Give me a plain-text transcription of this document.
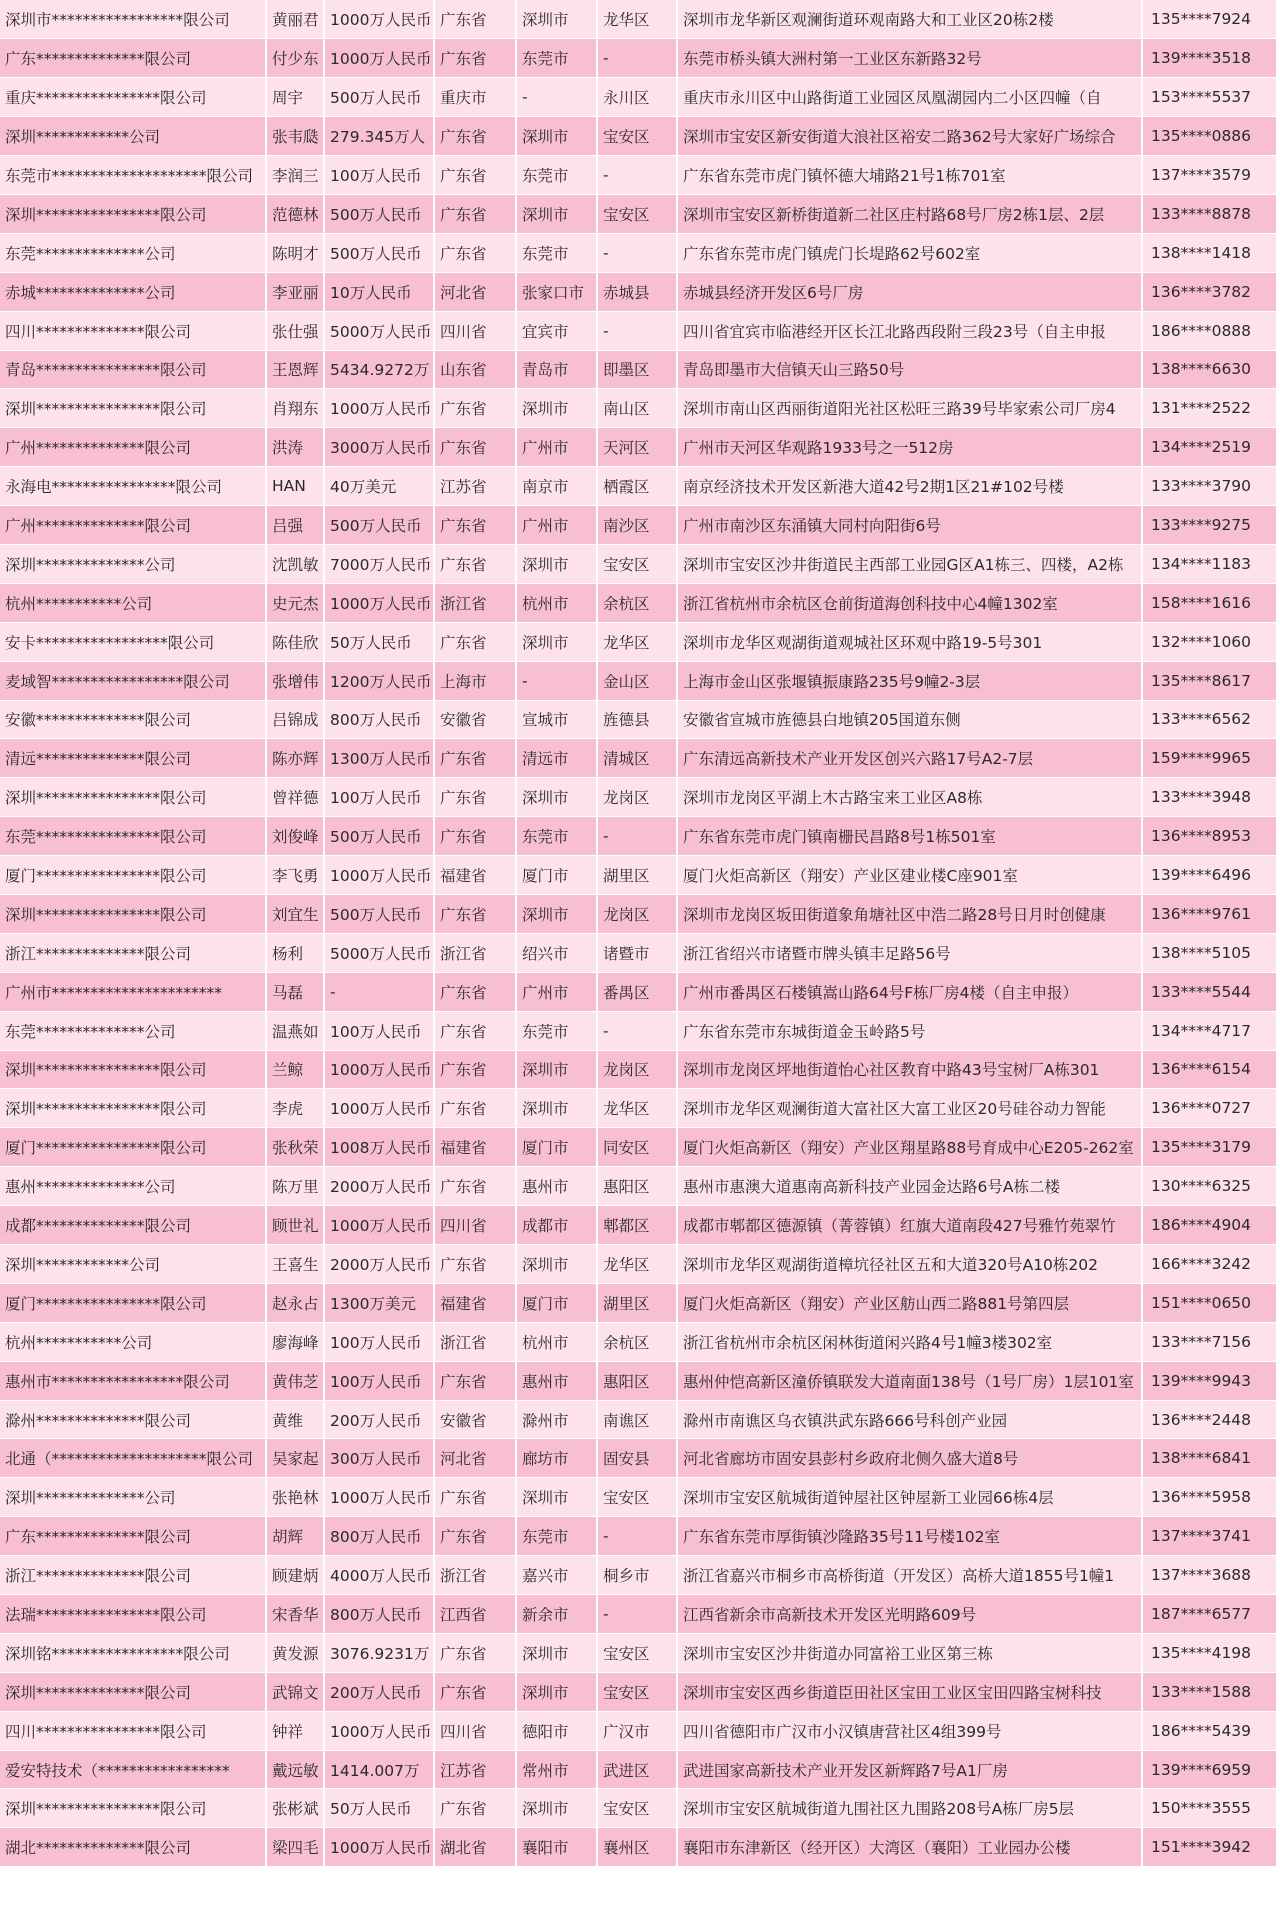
深圳市*****************限公司	黄丽君	1000万人民币	广东省	深圳市	龙华区	深圳市龙华新区观澜街道环观南路大和工业区20栋2楼	135****7924
广东**************限公司	付少东	1000万人民币	广东省	东莞市	-	东莞市桥头镇大洲村第一工业区东新路32号	139****3518
重庆****************限公司	周宇	500万人民币	重庆市	-	永川区	重庆市永川区中山路街道工业园区凤凰湖园内二小区四幢（自	153****5537
深圳************公司	张韦瓞	279.345万人	广东省	深圳市	宝安区	深圳市宝安区新安街道大浪社区裕安二路362号大家好广场综合	135****0886
东莞市********************限公司	李润三	100万人民币	广东省	东莞市	-	广东省东莞市虎门镇怀德大埔路21号1栋701室	137****3579
深圳****************限公司	范德林	500万人民币	广东省	深圳市	宝安区	深圳市宝安区新桥街道新二社区庄村路68号厂房2栋1层、2层	133****8878
东莞**************公司	陈明才	500万人民币	广东省	东莞市	-	广东省东莞市虎门镇虎门长堤路62号602室	138****1418
赤城**************公司	李亚丽	10万人民币	河北省	张家口市	赤城县	赤城县经济开发区6号厂房	136****3782
四川**************限公司	张仕强	5000万人民币	四川省	宜宾市	-	四川省宜宾市临港经开区长江北路西段附三段23号（自主申报	186****0888
青岛****************限公司	王恩辉	5434.9272万	山东省	青岛市	即墨区	青岛即墨市大信镇天山三路50号	138****6630
深圳****************限公司	肖翔东	1000万人民币	广东省	深圳市	南山区	深圳市南山区西丽街道阳光社区松旺三路39号毕家索公司厂房4	131****2522
广州**************限公司	洪涛	3000万人民币	广东省	广州市	天河区	广州市天河区华观路1933号之一512房	134****2519
永海电****************限公司	HAN	40万美元	江苏省	南京市	栖霞区	南京经济技术开发区新港大道42号2期1区21#102号楼	133****3790
广州**************限公司	吕强	500万人民币	广东省	广州市	南沙区	广州市南沙区东涌镇大同村向阳街6号	133****9275
深圳**************公司	沈凯敏	7000万人民币	广东省	深圳市	宝安区	深圳市宝安区沙井街道民主西部工业园G区A1栋三、四楼，A2栋	134****1183
杭州***********公司	史元杰	1000万人民币	浙江省	杭州市	余杭区	浙江省杭州市余杭区仓前街道海创科技中心4幢1302室	158****1616
安卡*****************限公司	陈佳欣	50万人民币	广东省	深圳市	龙华区	深圳市龙华区观湖街道观城社区环观中路19-5号301	132****1060
麦域智*****************限公司	张增伟	1200万人民币	上海市	-	金山区	上海市金山区张堰镇振康路235号9幢2-3层	135****8617
安徽**************限公司	吕锦成	800万人民币	安徽省	宣城市	旌德县	安徽省宣城市旌德县白地镇205国道东侧	133****6562
清远**************限公司	陈亦辉	1300万人民币	广东省	清远市	清城区	广东清远高新技术产业开发区创兴六路17号A2-7层	159****9965
深圳****************限公司	曾祥德	100万人民币	广东省	深圳市	龙岗区	深圳市龙岗区平湖上木古路宝来工业区A8栋	133****3948
东莞****************限公司	刘俊峰	500万人民币	广东省	东莞市	-	广东省东莞市虎门镇南栅民昌路8号1栋501室	136****8953
厦门****************限公司	李飞勇	1000万人民币	福建省	厦门市	湖里区	厦门火炬高新区（翔安）产业区建业楼C座901室	139****6496
深圳****************限公司	刘宜生	500万人民币	广东省	深圳市	龙岗区	深圳市龙岗区坂田街道象角塘社区中浩二路28号日月时创健康	136****9761
浙江**************限公司	杨利	5000万人民币	浙江省	绍兴市	诸暨市	浙江省绍兴市诸暨市牌头镇丰足路56号	138****5105
广州市**********************	马磊	-	广东省	广州市	番禺区	广州市番禺区石楼镇嵩山路64号F栋厂房4楼（自主申报）	133****5544
东莞**************公司	温燕如	100万人民币	广东省	东莞市	-	广东省东莞市东城街道金玉岭路5号	134****4717
深圳****************限公司	兰鲸	1000万人民币	广东省	深圳市	龙岗区	深圳市龙岗区坪地街道怡心社区教育中路43号宝树厂A栋301	136****6154
深圳****************限公司	李虎	1000万人民币	广东省	深圳市	龙华区	深圳市龙华区观澜街道大富社区大富工业区20号硅谷动力智能	136****0727
厦门****************限公司	张秋荣	1008万人民币	福建省	厦门市	同安区	厦门火炬高新区（翔安）产业区翔星路88号育成中心E205-262室	135****3179
惠州**************公司	陈万里	2000万人民币	广东省	惠州市	惠阳区	惠州市惠澳大道惠南高新科技产业园金达路6号A栋二楼	130****6325
成都**************限公司	顾世礼	1000万人民币	四川省	成都市	郫都区	成都市郫都区德源镇（菁蓉镇）红旗大道南段427号雅竹苑翠竹	186****4904
深圳************公司	王喜生	2000万人民币	广东省	深圳市	龙华区	深圳市龙华区观湖街道樟坑径社区五和大道320号A10栋202	166****3242
厦门****************限公司	赵永占	1300万美元	福建省	厦门市	湖里区	厦门火炬高新区（翔安）产业区舫山西二路881号第四层	151****0650
杭州***********公司	廖海峰	100万人民币	浙江省	杭州市	余杭区	浙江省杭州市余杭区闲林街道闲兴路4号1幢3楼302室	133****7156
惠州市*****************限公司	黄伟芝	100万人民币	广东省	惠州市	惠阳区	惠州仲恺高新区潼侨镇联发大道南面138号（1号厂房）1层101室	139****9943
滁州**************限公司	黄维	200万人民币	安徽省	滁州市	南谯区	滁州市南谯区乌衣镇洪武东路666号科创产业园	136****2448
北通（********************限公司	吴家起	300万人民币	河北省	廊坊市	固安县	河北省廊坊市固安县彭村乡政府北侧久盛大道8号	138****6841
深圳**************公司	张艳林	1000万人民币	广东省	深圳市	宝安区	深圳市宝安区航城街道钟屋社区钟屋新工业园66栋4层	136****5958
广东**************限公司	胡辉	800万人民币	广东省	东莞市	-	广东省东莞市厚街镇沙隆路35号11号楼102室	137****3741
浙江**************限公司	顾建炳	4000万人民币	浙江省	嘉兴市	桐乡市	浙江省嘉兴市桐乡市高桥街道（开发区）高桥大道1855号1幢1	137****3688
法瑞****************限公司	宋香华	800万人民币	江西省	新余市	-	江西省新余市高新技术开发区光明路609号	187****6577
深圳铭*****************限公司	黄发源	3076.9231万	广东省	深圳市	宝安区	深圳市宝安区沙井街道办同富裕工业区第三栋	135****4198
深圳**************限公司	武锦文	200万人民币	广东省	深圳市	宝安区	深圳市宝安区西乡街道臣田社区宝田工业区宝田四路宝树科技	133****1588
四川****************限公司	钟祥	1000万人民币	四川省	德阳市	广汉市	四川省德阳市广汉市小汉镇唐营社区4组399号	186****5439
爱安特技术（*****************	戴远敏	1414.007万	江苏省	常州市	武进区	武进国家高新技术产业开发区新辉路7号A1厂房	139****6959
深圳****************限公司	张彬斌	50万人民币	广东省	深圳市	宝安区	深圳市宝安区航城街道九围社区九围路208号A栋厂房5层	150****3555
湖北**************限公司	梁四毛	1000万人民币	湖北省	襄阳市	襄州区	襄阳市东津新区（经开区）大湾区（襄阳）工业园办公楼	151****3942
